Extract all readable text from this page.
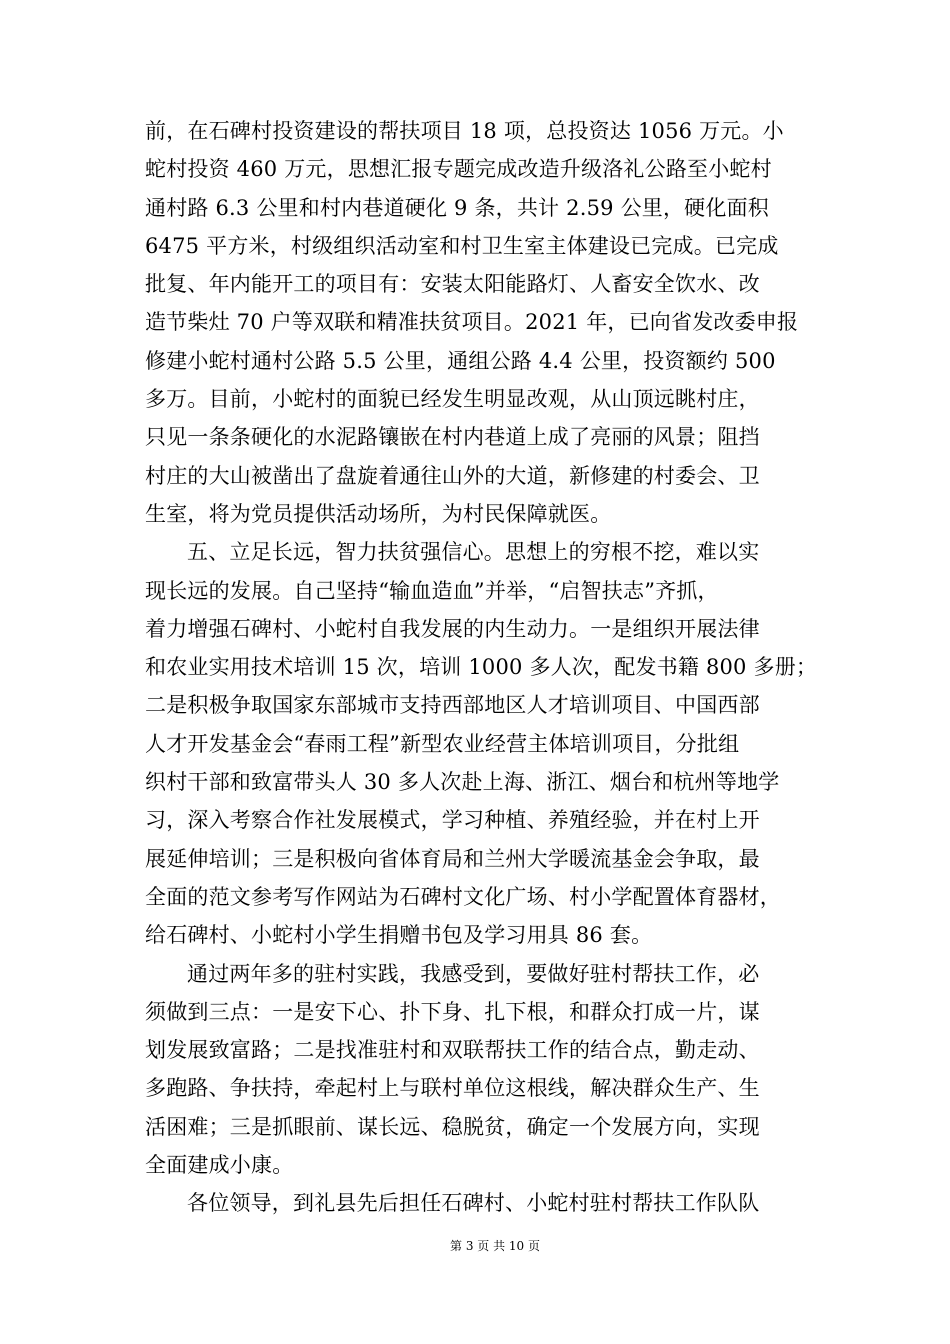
前，在石碑村投资建设的帮扶项目 18 项，总投资达 1056 万元。小
蛇村投资 460 万元，思想汇报专题完成改造升级洛礼公路至小蛇村
通村路 6.3 公里和村内巷道硬化 9 条，共计 2.59 公里，硬化面积
6475 平方米，村级组织活动室和村卫生室主体建设已完成。已完成
批复、年内能开工的项目有：安装太阳能路灯、人畜安全饮水、改
造节柴灶 70 户等双联和精准扶贫项目。2021 年，已向省发改委申报
修建小蛇村通村公路 5.5 公里，通组公路 4.4 公里，投资额约 500
多万。目前，小蛇村的面貌已经发生明显改观，从山顶远眺村庄，
只见一条条硬化的水泥路镶嵌在村内巷道上成了亮丽的风景；阻挡
村庄的大山被凿出了盘旋着通往山外的大道，新修建的村委会、卫
生室，将为党员提供活动场所，为村民保障就医。
五、立足长远，智力扶贫强信心。思想上的穷根不挖，难以实
现长远的发展。自己坚持“输血造血”并举，“启智扶志”齐抓，
着力增强石碑村、小蛇村自我发展的内生动力。一是组织开展法律
和农业实用技术培训 15 次，培训 1000 多人次，配发书籍 800 多册；
二是积极争取国家东部城市支持西部地区人才培训项目、中国西部
人才开发基金会“春雨工程”新型农业经营主体培训项目，分批组
织村干部和致富带头人 30 多人次赴上海、浙江、烟台和杭州等地学
习，深入考察合作社发展模式，学习种植、养殖经验，并在村上开
展延伸培训；三是积极向省体育局和兰州大学暖流基金会争取，最
全面的范文参考写作网站为石碑村文化广场、村小学配置体育器材，
给石碑村、小蛇村小学生捐赠书包及学习用具 86 套。
通过两年多的驻村实践，我感受到，要做好驻村帮扶工作，必
须做到三点：一是安下心、扑下身、扎下根，和群众打成一片，谋
划发展致富路；二是找准驻村和双联帮扶工作的结合点，勤走动、
多跑路、争扶持，牵起村上与联村单位这根线，解决群众生产、生
活困难；三是抓眼前、谋长远、稳脱贫，确定一个发展方向，实现
全面建成小康。
各位领导，到礼县先后担任石碑村、小蛇村驻村帮扶工作队队
第 3 页 共 10 页
